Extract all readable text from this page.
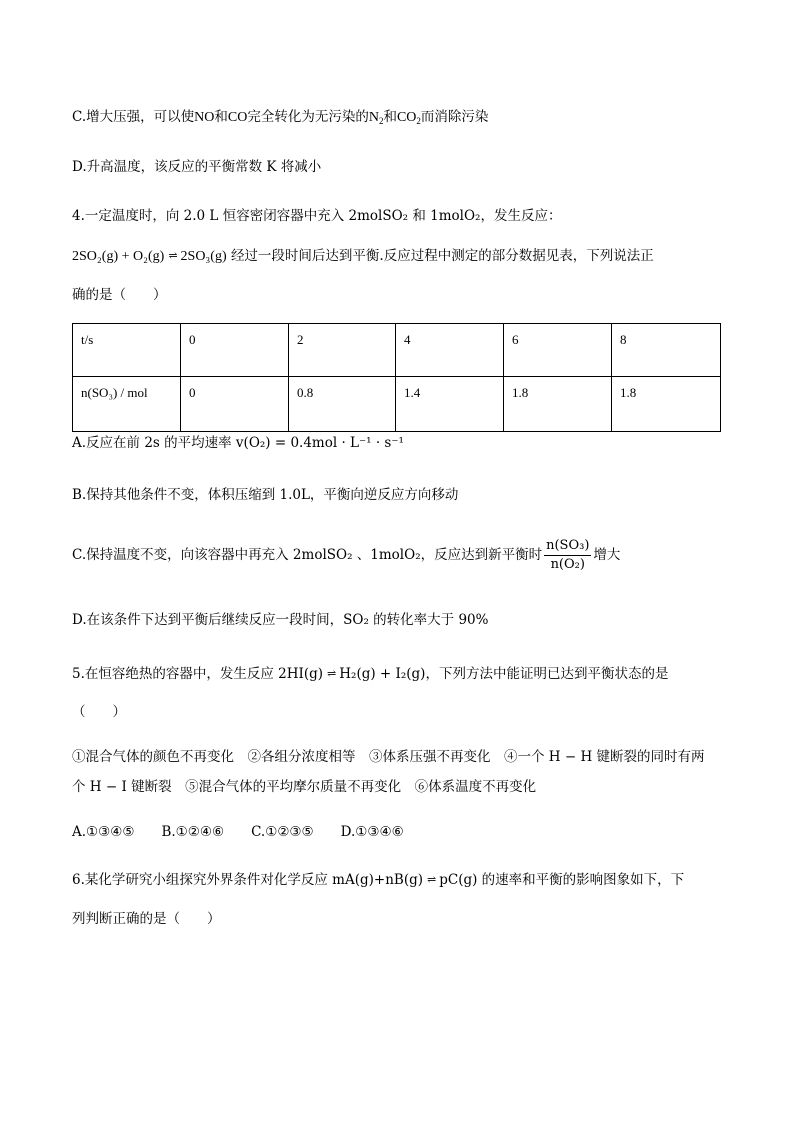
C.增大压强，可以使NO和CO完全转化为无污染的$N_2$和$CO_2$而消除污染
D.升高温度，该反应的平衡常数 K 将减小
4.一定温度时，向 2.0 L 恒容密闭容器中充入 2molSO₂ 和 1molO₂，发生反应：
2SO₂(g) + O₂(g) ⇌ 2SO₃(g) 经过一段时间后达到平衡.反应过程中测定的部分数据见表，下列说法正
确的是（　　）
t/s	0	2	4	6	8
n(SO₃) / mol	0	0.8	1.4	1.8	1.8
A.反应在前 2s 的平均速率 v(O₂) = 0.4mol · L⁻¹ · s⁻¹
B.保持其他条件不变，体积压缩到 1.0L，平衡向逆反应方向移动
C.保持温度不变，向该容器中再充入 2molSO₂ 、1molO₂，反应达到新平衡时 $\frac{\text{n(SO₃)}}{\text{n(O₂)}}$ 增大
D.在该条件下达到平衡后继续反应一段时间，SO₂ 的转化率大于 90%
5.在恒容绝热的容器中，发生反应 2HI(g) ⇌ H₂(g) + I₂(g)，下列方法中能证明已达到平衡状态的是
（　　）
①混合气体的颜色不再变化　②各组分浓度相等　③体系压强不再变化　④一个 H − H 键断裂的同时有两
个 H − I 键断裂　⑤混合气体的平均摩尔质量不再变化　⑥体系温度不再变化
A.①③④⑤　　B.①②④⑥　　C.①②③⑤　　D.①③④⑥
6.某化学研究小组探究外界条件对化学反应 mA(g)+nB(g) ⇌ pC(g) 的速率和平衡的影响图象如下，下
列判断正确的是（　　）
